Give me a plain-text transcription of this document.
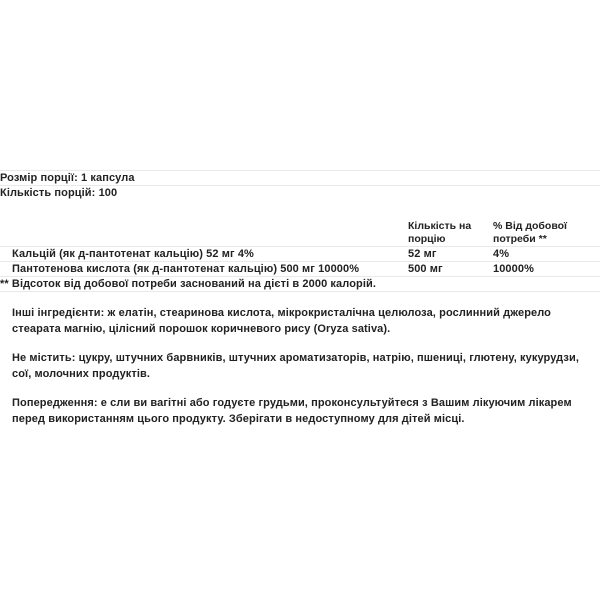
Розмір порції: 1 капсула		

Кількість порцій: 100		

	Кількість на порцію	% Від добової потреби **

Кальцій (як д-пантотенат кальцію) 52 мг 4%	52 мг	4%

Пантотенова кислота (як д-пантотенат кальцію) 500 мг 10000%	500 мг	10000%

** Відсоток від добової потреби заснований на дієті в 2000 калорій.		

Інші інгредієнти: ж елатін, стеаринова кислота, мікрокристалічна целюлоза, рослинний джерело стеарата магнію, цілісний порошок коричневого рису (Oryza sativa).

Не містить: цукру, штучних барвників, штучних ароматизаторів, натрію, пшениці, глютену, кукурудзи, сої, молочних продуктів.

Попередження: е сли ви вагітні або годуєте грудьми, проконсультуйтеся з Вашим лікуючим лікарем перед використанням цього продукту. Зберігати в недоступному для дітей місці.
